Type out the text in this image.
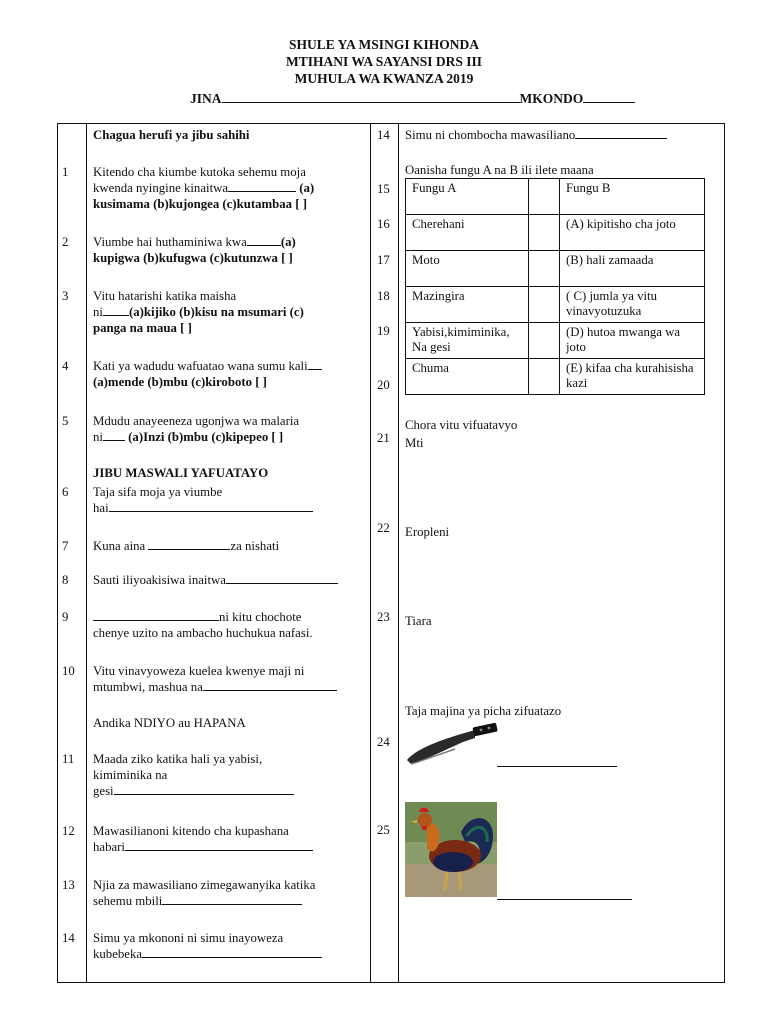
SHULE YA MSINGI KIHONDA
MTIHANI WA SAYANSI DRS III
MUHULA WA KWANZA 2019
JINA	MKONDO
Chagua herufi ya jibu sahihi
1 Kitendo cha kiumbe kutoka sehemu moja
kwenda nyingine kinaitwa	(a)
kusimama (b)kujongea (c)kutambaa [ ]
2 Viumbe hai huthaminiwa kwa	(a)
kupigwa (b)kufugwa (c)kutunzwa [ ]
3 Vitu hatarishi katika maisha
ni (a)kijiko (b)kisu na msumari (c)
panga na maua [ ]
4 Kati ya wadudu wafuatao wana sumu kali
(a)mende (b)mbu (c)kiroboto [ ]
5 Mdudu anayeeneza ugonjwa wa malaria
ni (a)Inzi (b)mbu (c)kipepeo [ ]
JIBU MASWALI YAFUATAYO
6 Taja sifa moja ya viumbe
hai
7 Kuna aina	za nishati
8 Sauti iliyoakisiwa inaitwa
9	ni kitu chochote
chenye uzito na ambacho huchukua nafasi.
10 Vitu vinavyoweza kuelea kwenye maji ni
mtumbwi, mashua na
Andika NDIYO au HAPANA
11 Maada ziko katika hali ya yabisi,
kimiminika na
gesi
12 Mawasilianoni kitendo cha kupashana
habari
13 Njia za mawasiliano zimegawanyika katika
sehemu mbili
14 Simu ya mkononi ni simu inayoweza
kubebeka
14 Simu ni chombocha mawasiliano
Oanisha fungu A na B ili ilete maana
15
16
17
18
19
20
Fungu A		Fungu B
Cherehani		(A) kipitisho cha joto
Moto		(B) hali zamaada
Mazingira		( C) jumla ya vitu vinavyotuzuka
Yabisi,kimiminika, Na gesi		(D) hutoa mwanga wa joto
Chuma		(E) kifaa cha kurahisisha kazi
Chora vitu vifuatavyo
21 Mti
22 Eropleni
23 Tiara
Taja majina ya picha zifuatazo
24
25
